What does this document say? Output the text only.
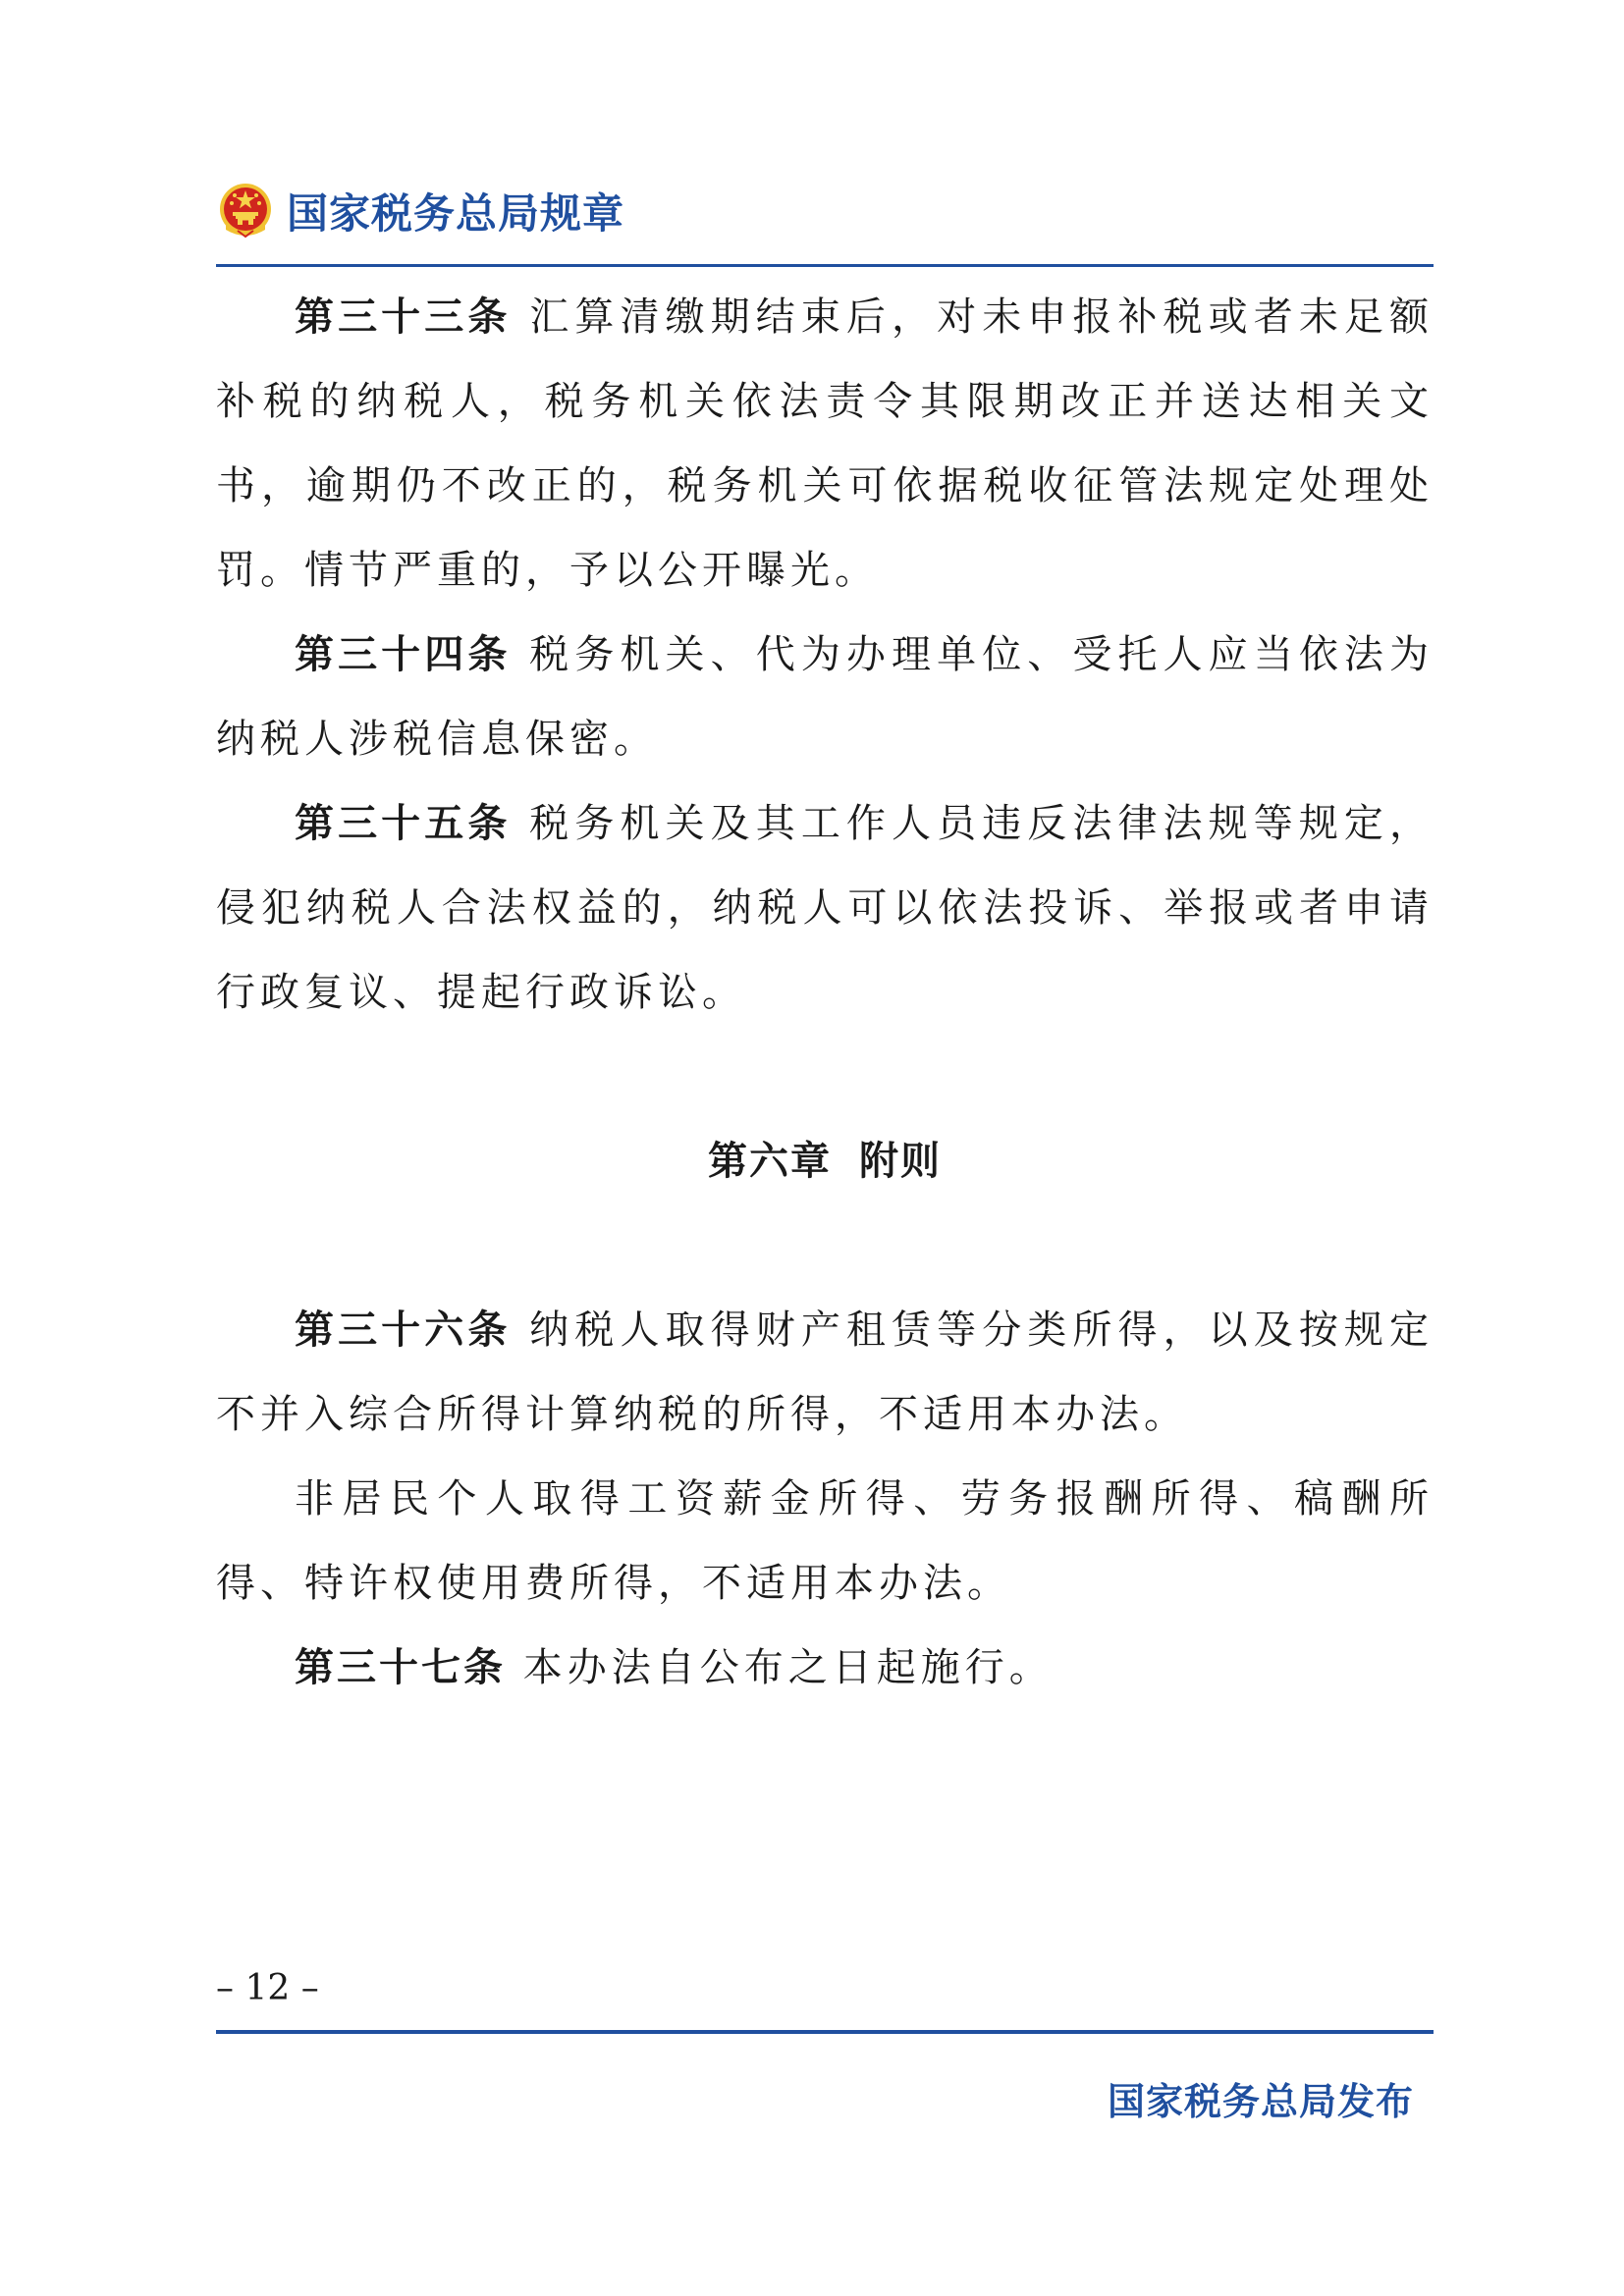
国家税务总局规章

第三十三条 汇算清缴期结束后，对未申报补税或者未足额补税的纳税人，税务机关依法责令其限期改正并送达相关文书，逾期仍不改正的，税务机关可依据税收征管法规定处理处罚。情节严重的，予以公开曝光。

第三十四条 税务机关、代为办理单位、受托人应当依法为纳税人涉税信息保密。

第三十五条 税务机关及其工作人员违反法律法规等规定，侵犯纳税人合法权益的，纳税人可以依法投诉、举报或者申请行政复议、提起行政诉讼。

第六章 附则

第三十六条 纳税人取得财产租赁等分类所得，以及按规定不并入综合所得计算纳税的所得，不适用本办法。

非居民个人取得工资薪金所得、劳务报酬所得、稿酬所得、特许权使用费所得，不适用本办法。

第三十七条 本办法自公布之日起施行。

– 12 –
国家税务总局发布
